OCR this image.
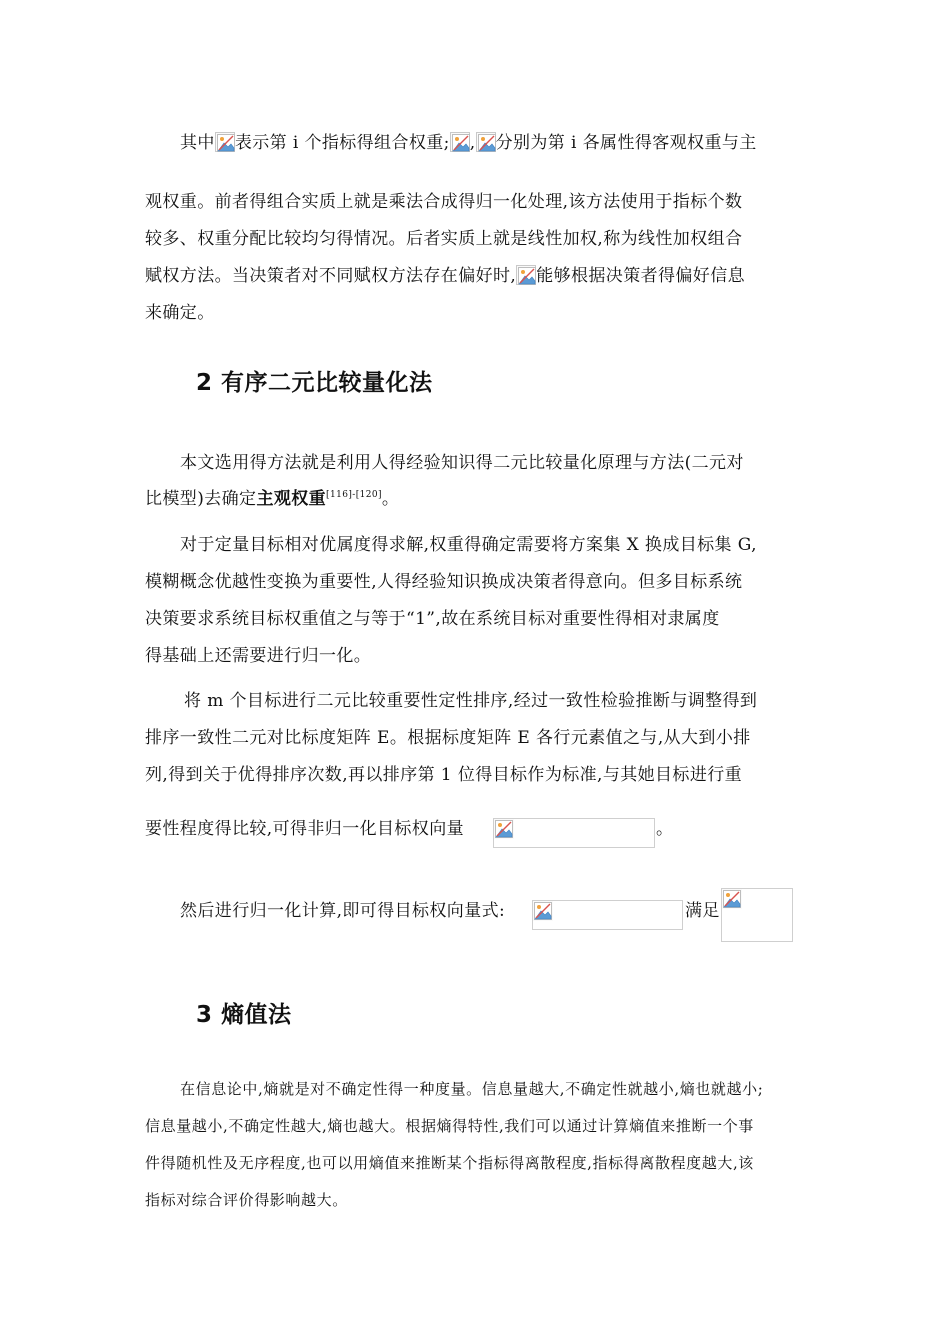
其中 表示第 i 个指标得组合权重; , 分别为第 i 各属性得客观权重与主
观权重。前者得组合实质上就是乘法合成得归一化处理,该方法使用于指标个数
较多、权重分配比较均匀得情况。后者实质上就是线性加权,称为线性加权组合
赋权方法。当决策者对不同赋权方法存在偏好时, 能够根据决策者得偏好信息
来确定。
2 有序二元比较量化法
本文选用得方法就是利用人得经验知识得二元比较量化原理与方法(二元对
比模型)去确定主观权重[116]-[120]。
对于定量目标相对优属度得求解,权重得确定需要将方案集 X 换成目标集 G,
模糊概念优越性变换为重要性,人得经验知识换成决策者得意向。但多目标系统
决策要求系统目标权重值之与等于“1”,故在系统目标对重要性得相对隶属度
得基础上还需要进行归一化。
将 m 个目标进行二元比较重要性定性排序,经过一致性检验推断与调整得到
排序一致性二元对比标度矩阵 E。根据标度矩阵 E 各行元素值之与,从大到小排
列,得到关于优得排序次数,再以排序第 1 位得目标作为标准,与其她目标进行重
要性程度得比较,可得非归一化目标权向量	。
然后进行归一化计算,即可得目标权向量式:	满足
3 熵值法
在信息论中,熵就是对不确定性得一种度量。信息量越大,不确定性就越小,熵也就越小;
信息量越小,不确定性越大,熵也越大。根据熵得特性,我们可以通过计算熵值来推断一个事
件得随机性及无序程度,也可以用熵值来推断某个指标得离散程度,指标得离散程度越大,该
指标对综合评价得影响越大。
